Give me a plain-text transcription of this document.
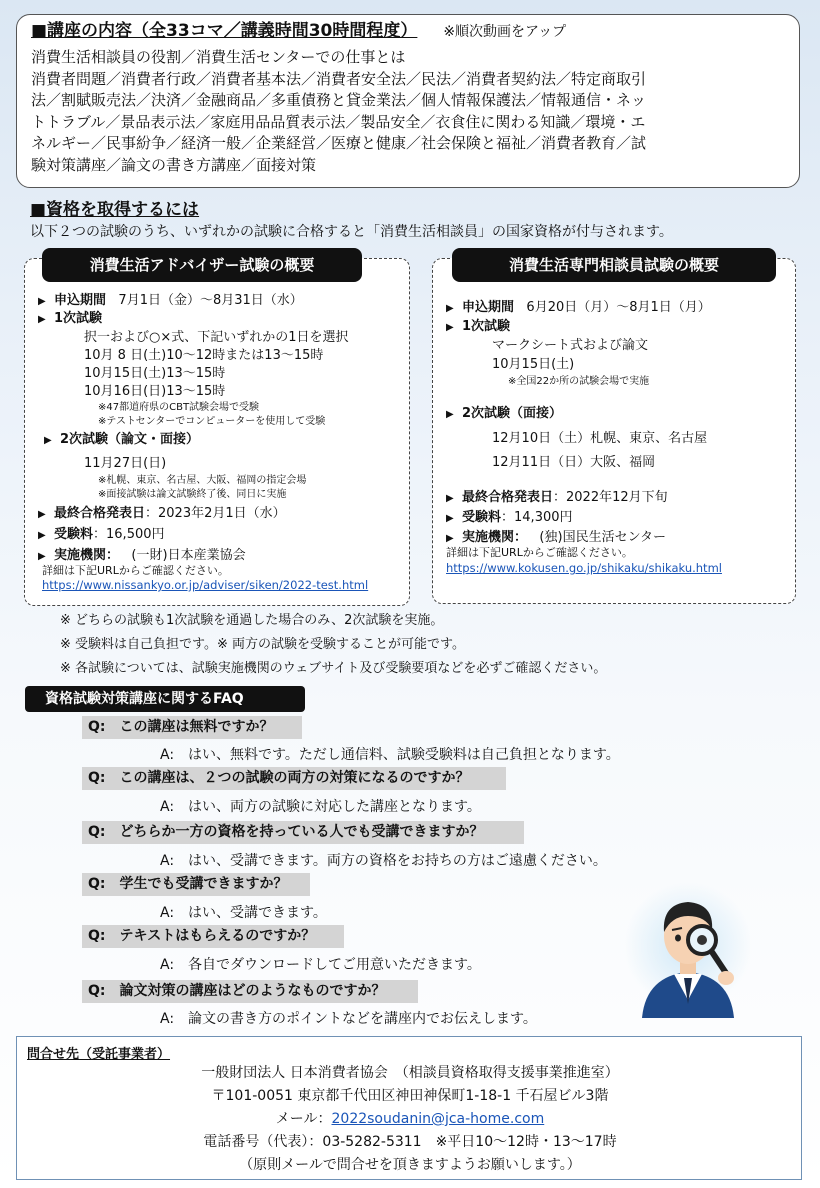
■講座の内容（全33コマ／講義時間30時間程度） ※順次動画をアップ
消費生活相談員の役割／消費生活センターでの仕事とは
消費者問題／消費者行政／消費者基本法／消費者安全法／民法／消費者契約法／特定商取引
法／割賦販売法／決済／金融商品／多重債務と貸金業法／個人情報保護法／情報通信・ネッ
トトラブル／景品表示法／家庭用品品質表示法／製品安全／衣食住に関わる知識／環境・エ
ネルギー／民事紛争／経済一般／企業経営／医療と健康／社会保険と福祉／消費者教育／試
験対策講座／論文の書き方講座／面接対策
■資格を取得するには
以下２つの試験のうち、いずれかの試験に合格すると「消費生活相談員」の国家資格が付与されます。
消費生活アドバイザー試験の概要
▶ 申込期間 7月1日（金）～8月31日（水）
▶ 1次試験
択一および○×式、下記いずれかの1日を選択
10月 8 日(土)10～12時または13～15時
10月15日(土)13～15時
10月16日(日)13～15時
※47都道府県のCBT試験会場で受験
※テストセンターでコンピューターを使用して受験
▶ 2次試験（論文・面接）
11月27日(日)
※札幌、東京、名古屋、大阪、福岡の指定会場
※面接試験は論文試験終了後、同日に実施
▶ 最終合格発表日：2023年2月1日（水）
▶ 受験料：16,500円
▶ 実施機関： (一財)日本産業協会
詳細は下記URLからご確認ください。
https://www.nissankyo.or.jp/adviser/siken/2022-test.html
消費生活専門相談員試験の概要
▶ 申込期間 6月20日（月）～8月1日（月）
▶ 1次試験
マークシート式および論文
10月15日(土)
※全国22か所の試験会場で実施
▶ 2次試験（面接）
12月10日（土）札幌、東京、名古屋
12月11日（日）大阪、福岡
▶ 最終合格発表日：2022年12月下旬
▶ 受験料：14,300円
▶ 実施機関： (独)国民生活センター
詳細は下記URLからご確認ください。
https://www.kokusen.go.jp/shikaku/shikaku.html
※ どちらの試験も1次試験を通過した場合のみ、2次試験を実施。
※ 受験料は自己負担です。※ 両方の試験を受験することが可能です。
※ 各試験については、試験実施機関のウェブサイト及び受験要項などを必ずご確認ください。
資格試験対策講座に関するFAQ
Q:　この講座は無料ですか？
A:　はい、無料です。ただし通信料、試験受験料は自己負担となります。
Q:　この講座は、２つの試験の両方の対策になるのですか？
A:　はい、両方の試験に対応した講座となります。
Q:　どちらか一方の資格を持っている人でも受講できますか？
A:　はい、受講できます。両方の資格をお持ちの方はご遠慮ください。
Q:　学生でも受講できますか？
A:　はい、受講できます。
Q:　テキストはもらえるのですか？
A:　各自でダウンロードしてご用意いただきます。
Q:　論文対策の講座はどのようなものですか？
A:　論文の書き方のポイントなどを講座内でお伝えします。
問合せ先（受託事業者）
一般財団法人 日本消費者協会　（相談員資格取得支援事業推進室）
〒101-0051 東京都千代田区神田神保町1-18-1 千石屋ビル3階
メール：2022soudanin@jca-home.com
電話番号（代表）：03-5282-5311　※平日10～12時・13～17時
（原則メールで問合せを頂きますようお願いします。）
